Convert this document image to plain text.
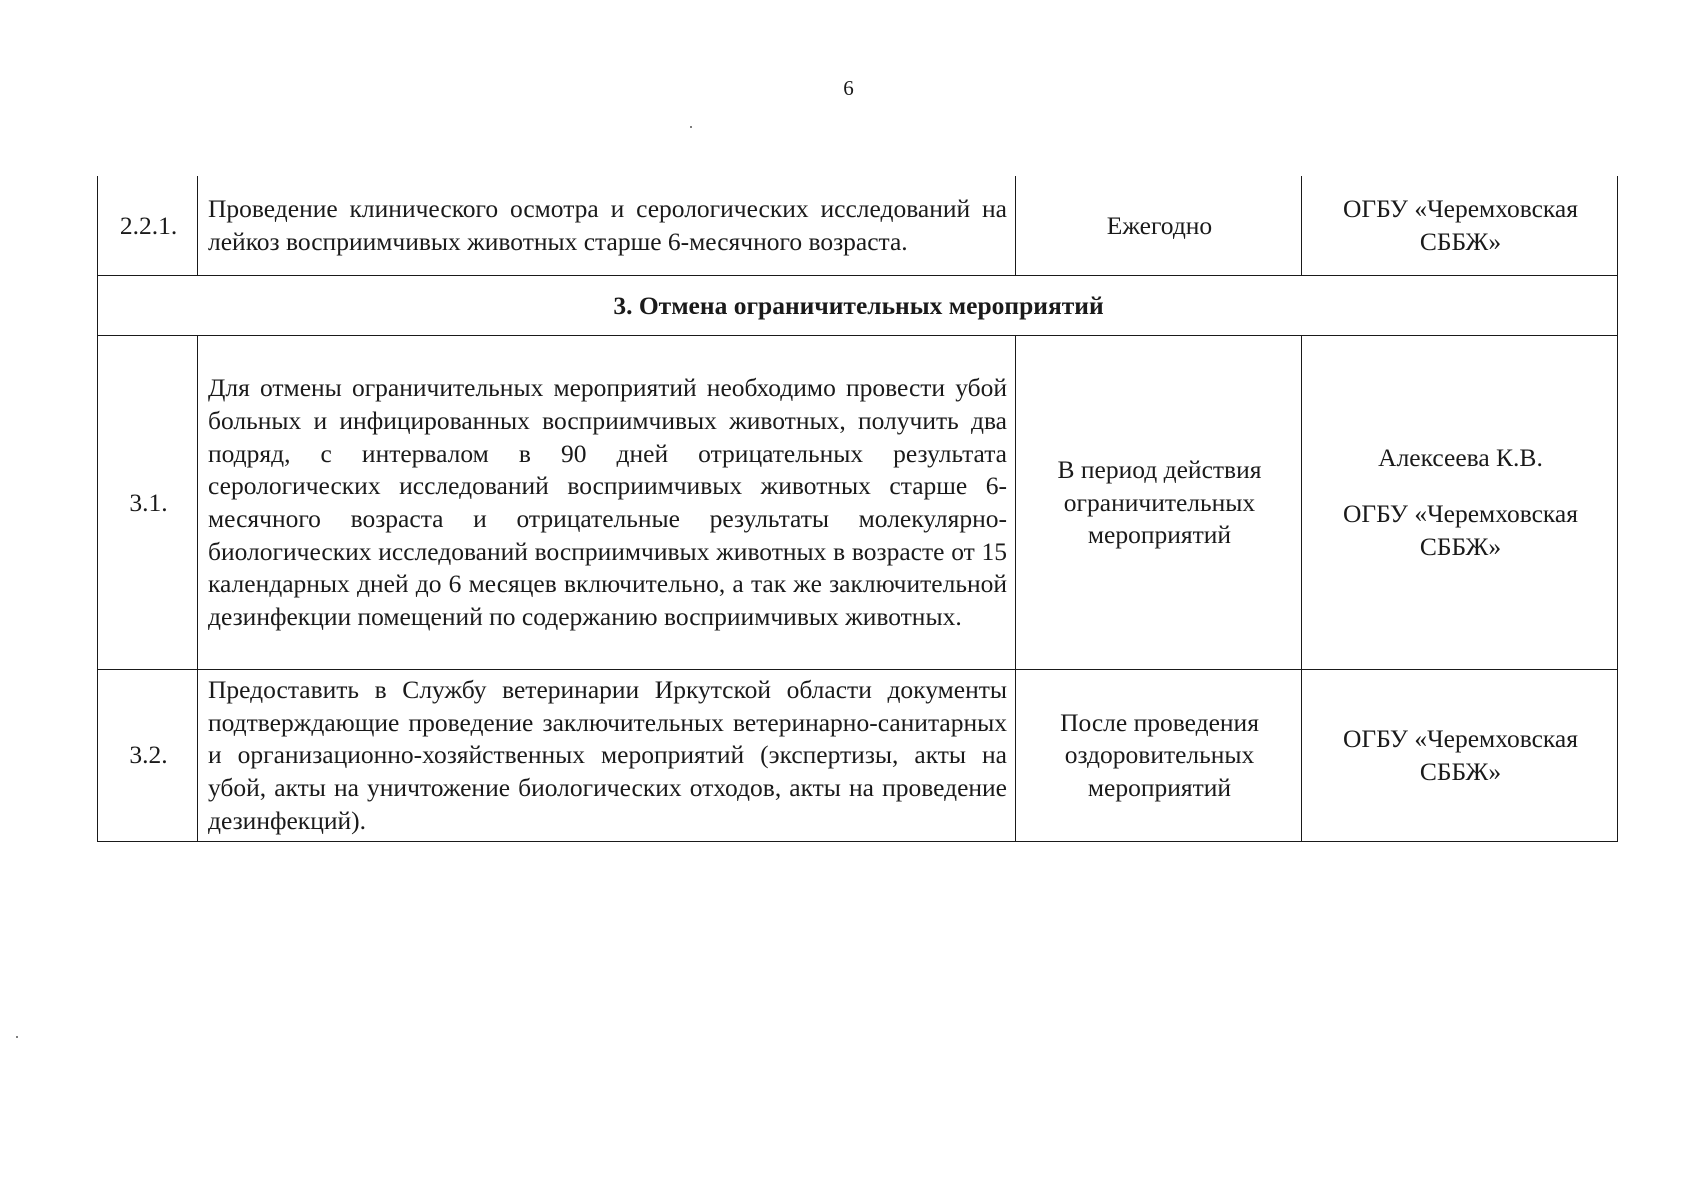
6
2.2.1.	Проведение клинического осмотра и серологических исследований на лейкоз восприимчивых животных старше 6-месячного возраста.	Ежегодно	ОГБУ «Черемховская СББЖ»
3. Отмена ограничительных мероприятий			
3.1.	Для отмены ограничительных мероприятий необходимо провести убой больных и инфицированных восприимчивых животных, получить два подряд, с интервалом в 90 дней отрицательных результата серологических исследований восприимчивых животных старше 6-месячного возраста и отрицательные результаты молекулярно-биологических исследований восприимчивых животных в возрасте от 15 календарных дней до 6 месяцев включительно, а так же заключительной дезинфекции помещений по содержанию восприимчивых животных.	В период действия ограничительных мероприятий	Алексеева К.В.
ОГБУ «Черемховская СББЖ»

3.2.	Предоставить в Службу ветеринарии Иркутской области документы подтверждающие проведение заключительных ветеринарно-санитарных и организационно-хозяйственных мероприятий (экспертизы, акты на убой, акты на уничтожение биологических отходов, акты на проведение дезинфекций).	После проведения оздоровительных мероприятий	ОГБУ «Черемховская СББЖ»
